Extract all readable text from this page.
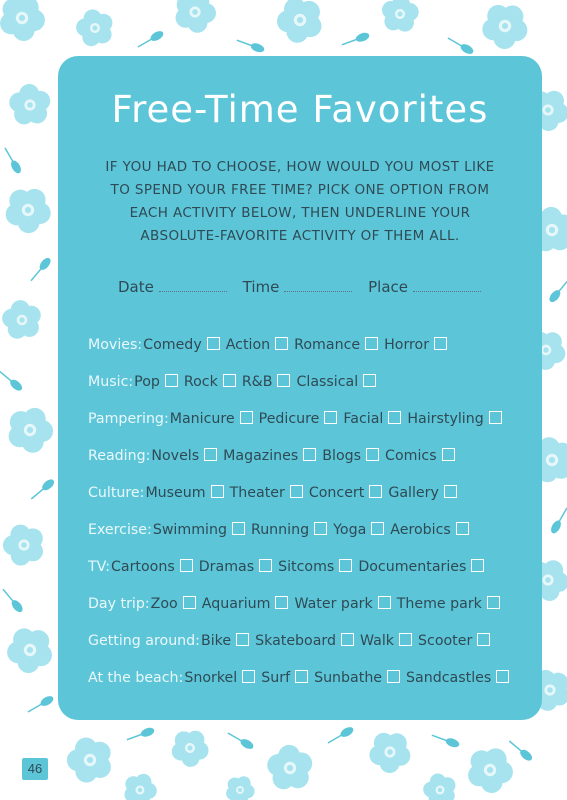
Free-Time Favorites

IF YOU HAD TO CHOOSE, HOW WOULD YOU MOST LIKE TO SPEND YOUR FREE TIME? PICK ONE OPTION FROM EACH ACTIVITY BELOW, THEN UNDERLINE YOUR ABSOLUTE-FAVORITE ACTIVITY OF THEM ALL.

Date	Time	Place
Movies:Comedy Action Romance Horror
Music:Pop Rock R&B Classical
Pampering:Manicure Pedicure Facial Hairstyling
Reading:Novels Magazines Blogs Comics
Culture:Museum Theater Concert Gallery
Exercise:Swimming Running Yoga Aerobics
TV:Cartoons Dramas Sitcoms Documentaries
Day trip:Zoo Aquarium Water park Theme park
Getting around:Bike Skateboard Walk Scooter
At the beach:Snorkel Surf Sunbathe Sandcastles
46
